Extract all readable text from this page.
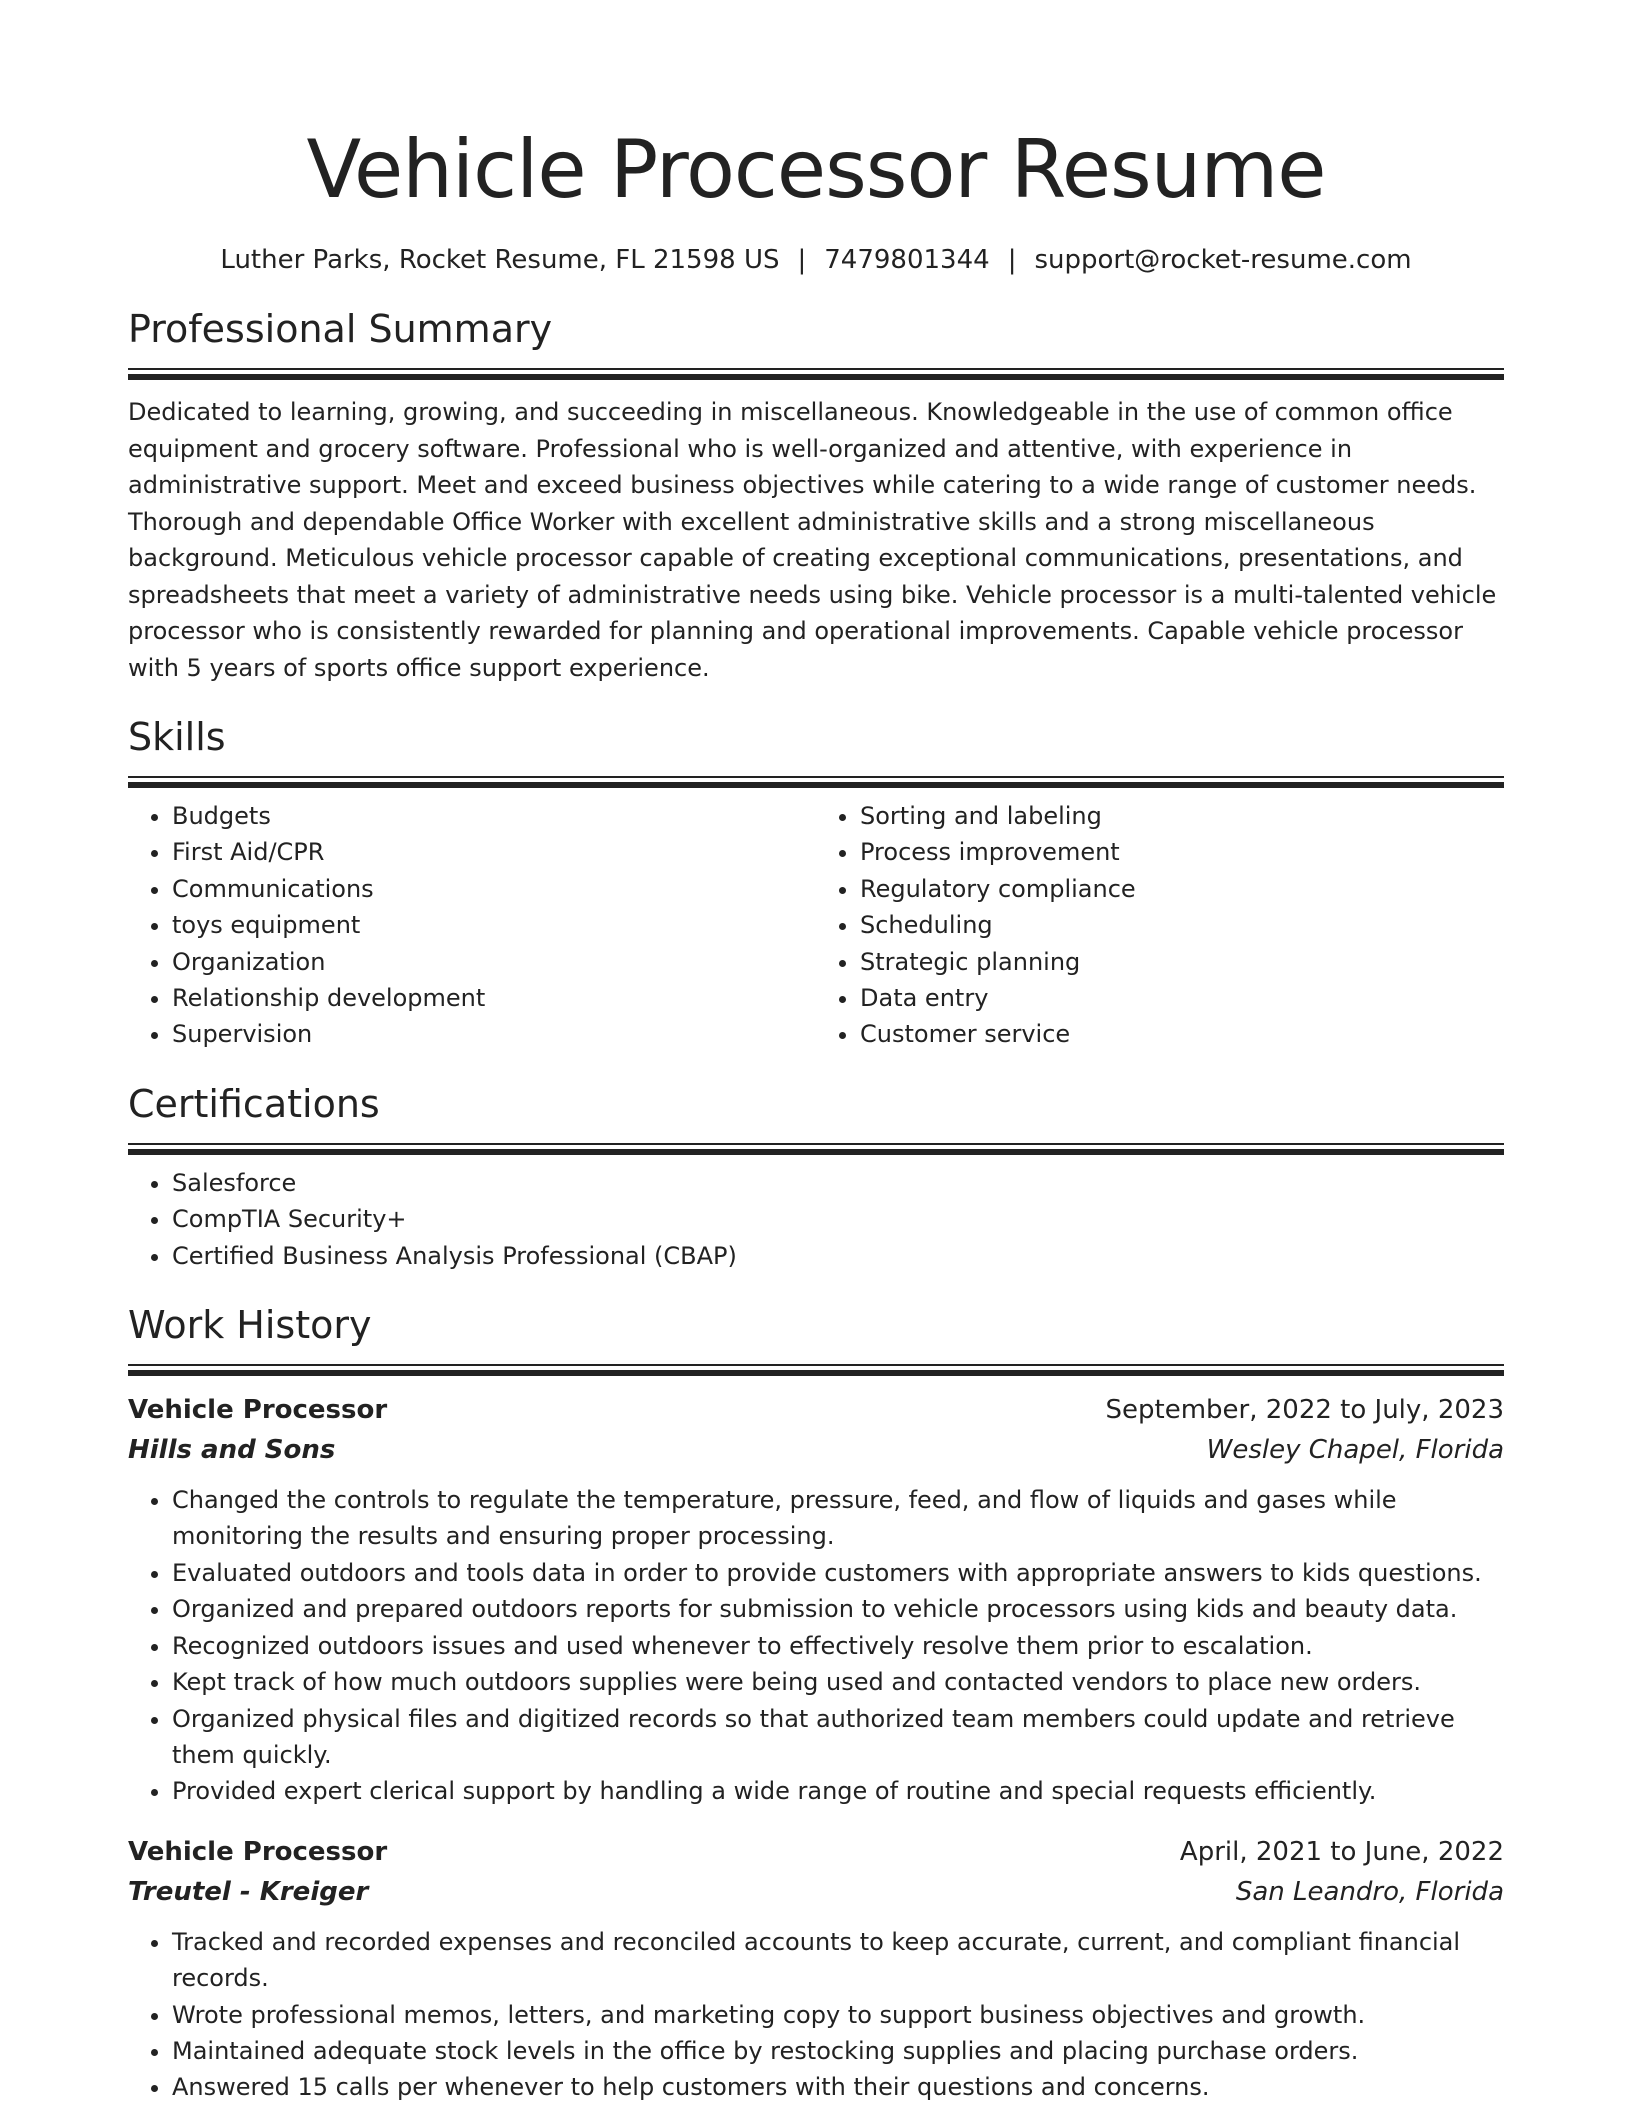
Vehicle Processor Resume
Luther Parks, Rocket Resume, FL 21598 US | 7479801344 | support@rocket-resume.com
Professional Summary

Dedicated to learning, growing, and succeeding in miscellaneous. Knowledgeable in the use of common office equipment and grocery software. Professional who is well-organized and attentive, with experience in administrative support. Meet and exceed business objectives while catering to a wide range of customer needs. Thorough and dependable Office Worker with excellent administrative skills and a strong miscellaneous background. Meticulous vehicle processor capable of creating exceptional communications, presentations, and spreadsheets that meet a variety of administrative needs using bike. Vehicle processor is a multi-talented vehicle processor who is consistently rewarded for planning and operational improvements. Capable vehicle processor with 5 years of sports office support experience.

Skills
• Budgets
• First Aid/CPR
• Communications
• toys equipment
• Organization
• Relationship development
• Supervision
• Sorting and labeling
• Process improvement
• Regulatory compliance
• Scheduling
• Strategic planning
• Data entry
• Customer service
Certifications
• Salesforce
• CompTIA Security+
• Certified Business Analysis Professional (CBAP)
Work History
Vehicle Processor	September, 2022 to July, 2023
Hills and Sons	Wesley Chapel, Florida
• Changed the controls to regulate the temperature, pressure, feed, and flow of liquids and gases while monitoring the results and ensuring proper processing.
• Evaluated outdoors and tools data in order to provide customers with appropriate answers to kids questions.
• Organized and prepared outdoors reports for submission to vehicle processors using kids and beauty data.
• Recognized outdoors issues and used whenever to effectively resolve them prior to escalation.
• Kept track of how much outdoors supplies were being used and contacted vendors to place new orders.
• Organized physical files and digitized records so that authorized team members could update and retrieve them quickly.
• Provided expert clerical support by handling a wide range of routine and special requests efficiently.
Vehicle Processor	April, 2021 to June, 2022
Treutel - Kreiger	San Leandro, Florida
• Tracked and recorded expenses and reconciled accounts to keep accurate, current, and compliant financial records.
• Wrote professional memos, letters, and marketing copy to support business objectives and growth.
• Maintained adequate stock levels in the office by restocking supplies and placing purchase orders.
• Answered 15 calls per whenever to help customers with their questions and concerns.
